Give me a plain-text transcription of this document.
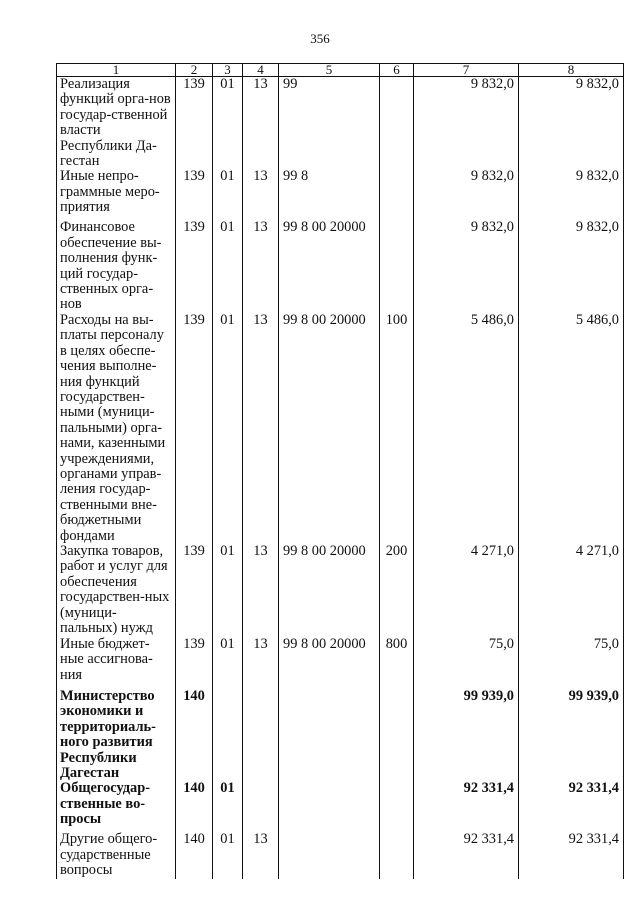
356
1	2	3	4	5	6	7	8
Реализация функций орга-нов государ-ственной власти Республики Да-гестан	139	01	13	99		9 832,0	9 832,0
Иные непро-граммные меро-приятия	139	01	13	99 8		9 832,0	9 832,0
Финансовое обеспечение вы-полнения функ-ций государ-ственных орга-нов	139	01	13	99 8 00 20000		9 832,0	9 832,0
Расходы на вы-платы персоналу в целях обеспе-чения выполне-ния функций государствен-ными (муници-пальными) орга-нами, казенными учреждениями, органами управ-ления государ-ственными вне-бюджетными фондами	139	01	13	99 8 00 20000	100	5 486,0	5 486,0
Закупка товаров, работ и услуг для обеспечения государствен-ных (муници-пальных) нужд	139	01	13	99 8 00 20000	200	4 271,0	4 271,0
Иные бюджет-ные ассигнова-ния	139	01	13	99 8 00 20000	800	75,0	75,0
Министерство экономики и территориаль-ного развития Республики Дагестан	140					99 939,0	99 939,0
Общегосудар-ственные во-просы	140	01				92 331,4	92 331,4
Другие общего-сударственные вопросы	140	01	13			92 331,4	92 331,4
